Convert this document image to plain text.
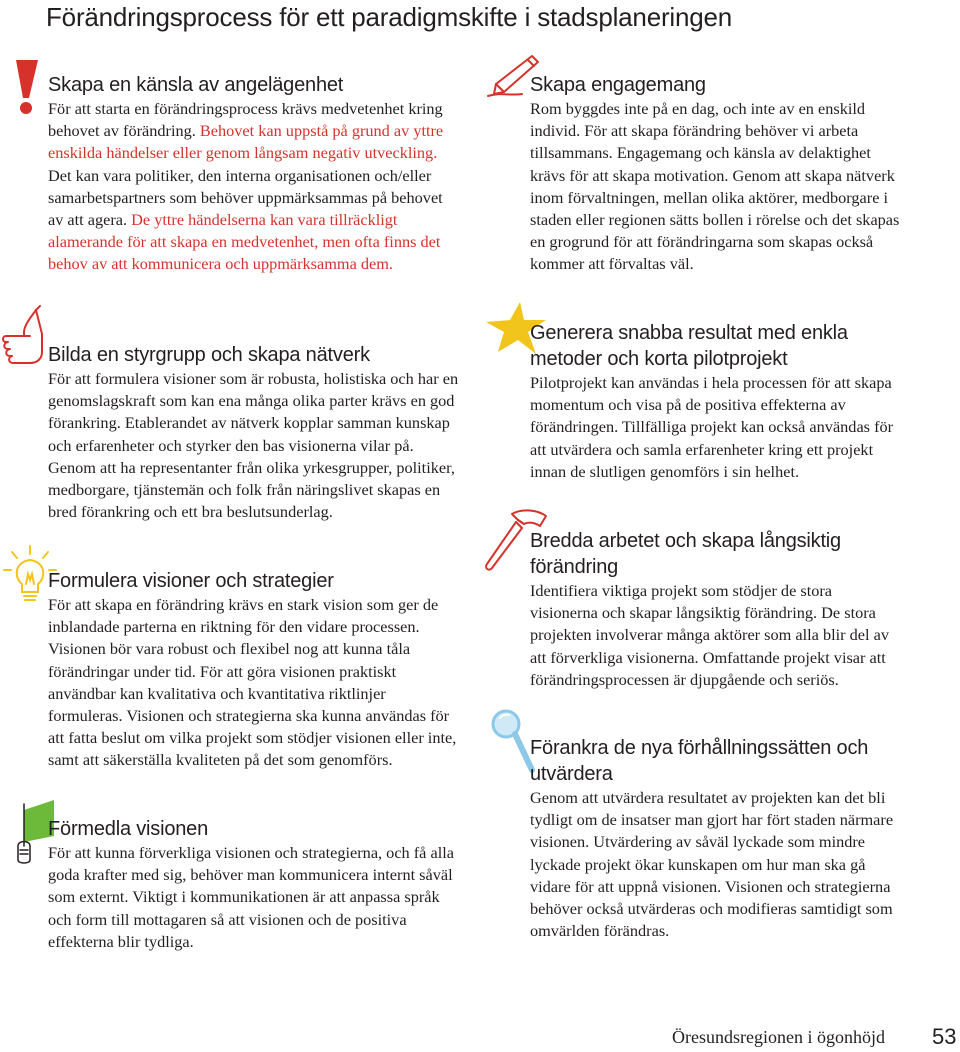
Förändringsprocess för ett paradigmskifte i stadsplaneringen
Skapa en känsla av angelägenhet

För att starta en förändringsprocess krävs medvetenhet kring behovet av förändring. Behovet kan uppstå på grund av yttre enskilda händelser eller genom långsam negativ utveckling. Det kan vara politiker, den interna organisationen och/eller samarbetspartners som behöver uppmärksammas på behovet av att agera. De yttre händelserna kan vara tillräckligt alamerande för att skapa en medvetenhet, men ofta finns det behov av att kommunicera och uppmärksamma dem.

Bilda en styrgrupp och skapa nätverk

För att formulera visioner som är robusta, holistiska och har en genomslagskraft som kan ena många olika parter krävs en god förankring. Etablerandet av nätverk kopplar samman kunskap och erfarenheter och styrker den bas visionerna vilar på. Genom att ha representanter från olika yrkesgrupper, politiker, medborgare, tjänstemän och folk från näringslivet skapas en bred förankring och ett bra beslutsunderlag.

Formulera visioner och strategier

För att skapa en förändring krävs en stark vision som ger de inblandade parterna en riktning för den vidare processen. Visionen bör vara robust och flexibel nog att kunna tåla förändringar under tid. För att göra visionen praktiskt användbar kan kvalitativa och kvantitativa riktlinjer formuleras. Visionen och strategierna ska kunna användas för att fatta beslut om vilka projekt som stödjer visionen eller inte, samt att säkerställa kvaliteten på det som genomförs.

Förmedla visionen

För att kunna förverkliga visionen och strategierna, och få alla goda krafter med sig, behöver man kommunicera internt såväl som externt. Viktigt i kommunikationen är att anpassa språk och form till mottagaren så att visionen och de positiva effekterna blir tydliga.

Skapa engagemang

Rom byggdes inte på en dag, och inte av en enskild individ. För att skapa förändring behöver vi arbeta tillsammans. Engagemang och känsla av delaktighet krävs för att skapa motivation. Genom att skapa nätverk inom förvaltningen, mellan olika aktörer, medborgare i staden eller regionen sätts bollen i rörelse och det skapas en grogrund för att förändringarna som skapas också kommer att förvaltas väl.

Generera snabba resultat med enkla metoder och korta pilotprojekt

Pilotprojekt kan användas i hela processen för att skapa momentum och visa på de positiva effekterna av förändringen. Tillfälliga projekt kan också användas för att utvärdera och samla erfarenheter kring ett projekt innan de slutligen genomförs i sin helhet.

Bredda arbetet och skapa långsiktig förändring

Identifiera viktiga projekt som stödjer de stora visionerna och skapar långsiktig förändring. De stora projekten involverar många aktörer som alla blir del av att förverkliga visionerna. Omfattande projekt visar att förändringsprocessen är djupgående och seriös.

Förankra de nya förhållningssätten och utvärdera

Genom att utvärdera resultatet av projekten kan det bli tydligt om de insatser man gjort har fört staden närmare visionen. Utvärdering av såväl lyckade som mindre lyckade projekt ökar kunskapen om hur man ska gå vidare för att uppnå visionen. Visionen och strategierna behöver också utvärderas och modifieras samtidigt som omvärlden förändras.

Öresundsregionen i ögonhöjd 53
